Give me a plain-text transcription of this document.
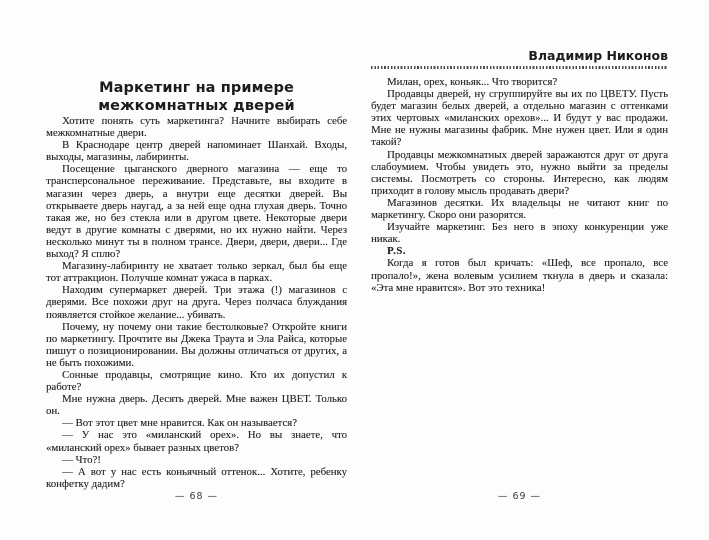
Маркетинг на примере
межкомнатных дверей

Хотите понять суть маркетинга? Начните выбирать себе межкомнатные двери.

В Краснодаре центр дверей напоминает Шанхай. Входы, выходы, магазины, лабиринты.

Посещение цыганского дверного магазина — еще то трансперсональное переживание. Представьте, вы входите в магазин через дверь, а внутри еще десятки дверей. Вы открываете дверь наугад, а за ней еще одна глухая дверь. Точно такая же, но без стекла или в другом цвете. Некоторые двери ведут в другие комнаты с дверями, но их нужно найти. Через несколько минут ты в полном трансе. Двери, двери, двери... Где выход? Я сплю?

Магазину-лабиринту не хватает только зеркал, был бы еще тот аттракцион. Получше комнат ужаса в парках.

Находим супермаркет дверей. Три этажа (!) магазинов с дверями. Все похожи друг на друга. Через полчаса блуждания появляется стойкое желание... убивать.

Почему, ну почему они такие бестолковые? Откройте книги по маркетингу. Прочтите вы Джека Траута и Эла Райса, которые пишут о позиционировании. Вы должны отличаться от других, а не быть похожими.

Сонные продавцы, смотрящие кино. Кто их допустил к работе?

Мне нужна дверь. Десять дверей. Мне важен ЦВЕТ. Только он.

— Вот этот цвет мне нравится. Как он называется?

— У нас это «миланский орех». Но вы знаете, что «миланский орех» бывает разных цветов?

— Что?!

— А вот у нас есть коньячный оттенок... Хотите, ребенку конфетку дадим?

— 68 —
Владимир Никонов

Милан, орех, коньяк... Что творится?

Продавцы дверей, ну сгруппируйте вы их по ЦВЕТУ. Пусть будет магазин белых дверей, а отдельно магазин с оттенками этих чертовых «миланских орехов»... И будут у вас продажи. Мне не нужны магазины фабрик. Мне нужен цвет. Или я один такой?

Продавцы межкомнатных дверей заражаются друг от друга слабоумием. Чтобы увидеть это, нужно выйти за пределы системы. Посмотреть со стороны. Интересно, как людям приходит в голову мысль продавать двери?

Магазинов десятки. Их владельцы не читают книг по маркетингу. Скоро они разорятся.

Изучайте маркетинг. Без него в эпоху конкуренции уже никак.

P.S.

Когда я готов был кричать: «Шеф, все пропало, все пропало!», жена волевым усилием ткнула в дверь и сказала: «Эта мне нравится». Вот это техника!

— 69 —
